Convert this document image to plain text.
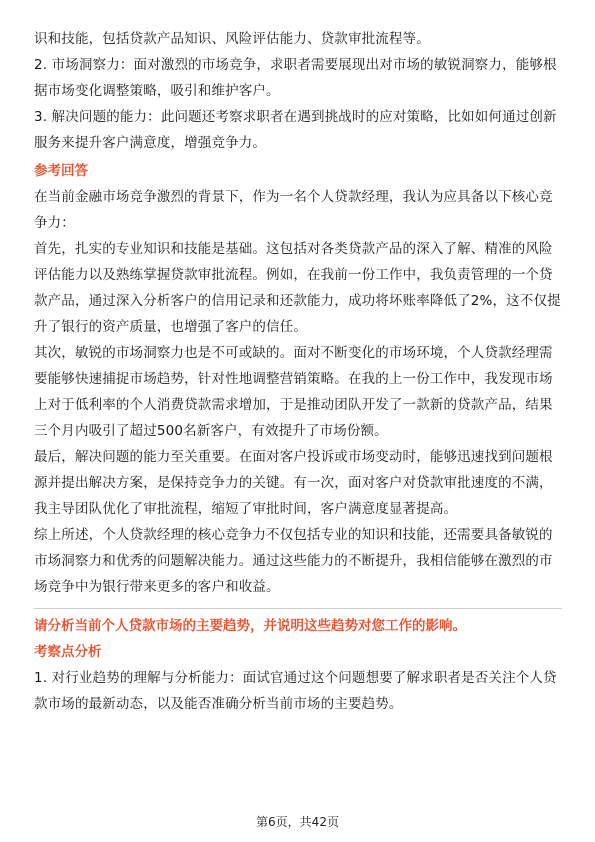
识和技能，包括贷款产品知识、风险评估能力、贷款审批流程等。

2. 市场洞察力：面对激烈的市场竞争，求职者需要展现出对市场的敏锐洞察力，能够根据市场变化调整策略，吸引和维护客户。

3. 解决问题的能力：此问题还考察求职者在遇到挑战时的应对策略，比如如何通过创新服务来提升客户满意度，增强竞争力。

参考回答

在当前金融市场竞争激烈的背景下，作为一名个人贷款经理，我认为应具备以下核心竞争力：

首先，扎实的专业知识和技能是基础。这包括对各类贷款产品的深入了解、精准的风险评估能力以及熟练掌握贷款审批流程。例如，在我前一份工作中，我负责管理的一个贷款产品，通过深入分析客户的信用记录和还款能力，成功将坏账率降低了2%，这不仅提升了银行的资产质量，也增强了客户的信任。

其次，敏锐的市场洞察力也是不可或缺的。面对不断变化的市场环境，个人贷款经理需要能够快速捕捉市场趋势，针对性地调整营销策略。在我的上一份工作中，我发现市场上对于低利率的个人消费贷款需求增加，于是推动团队开发了一款新的贷款产品，结果三个月内吸引了超过500名新客户，有效提升了市场份额。

最后，解决问题的能力至关重要。在面对客户投诉或市场变动时，能够迅速找到问题根源并提出解决方案，是保持竞争力的关键。有一次，面对客户对贷款审批速度的不满，我主导团队优化了审批流程，缩短了审批时间，客户满意度显著提高。

综上所述，个人贷款经理的核心竞争力不仅包括专业的知识和技能，还需要具备敏锐的市场洞察力和优秀的问题解决能力。通过这些能力的不断提升，我相信能够在激烈的市场竞争中为银行带来更多的客户和收益。

请分析当前个人贷款市场的主要趋势，并说明这些趋势对您工作的影响。

考察点分析

1. 对行业趋势的理解与分析能力：面试官通过这个问题想要了解求职者是否关注个人贷款市场的最新动态，以及能否准确分析当前市场的主要趋势。

第6页，共42页
